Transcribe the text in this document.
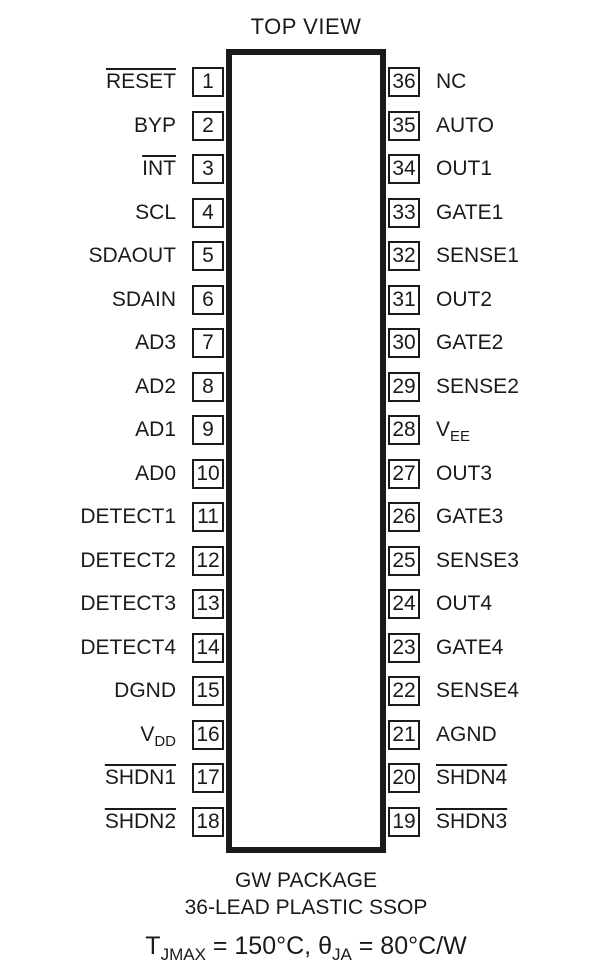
TOP VIEW
1
RESET
2
BYP
3
$\overline{INT}$
4
SCL
5
SDAOUT
6
SDAIN
7
AD3
8
AD2
9
AD1
10
AD0
11
DETECT1
12
DETECT2
13
DETECT3
14
DETECT4
15
DGND
16
$V_{DD}$
17
SHDN1
18
SHDN2
36 NC
35 AUTO
34 OUT1
33 GATE1
32 SENSE1
31 OUT2
30 GATE2
29 SENSE2
28 $V_{EE}$
27 OUT3
26 GATE3
25 SENSE3
24 OUT4
23 GATE4
22 SENSE4
21 AGND
20 SHDN4
19 SHDN3
GW PACKAGE
36-LEAD PLASTIC SSOP
$T_{JMAX} = 150^\circ C$, $\theta_{JA} = 80^\circ C/W$
